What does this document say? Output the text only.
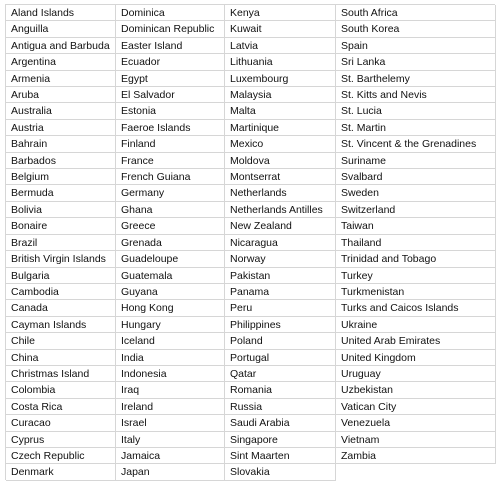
Aland Islands
Anguilla
Antigua and Barbuda
Argentina
Armenia
Aruba
Australia
Austria
Bahrain
Barbados
Belgium
Bermuda
Bolivia
Bonaire
Brazil
British Virgin Islands
Bulgaria
Cambodia
Canada
Cayman Islands
Chile
China
Christmas Island
Colombia
Costa Rica
Curacao
Cyprus
Czech Republic
Denmark
Dominica
Dominican Republic
Easter Island
Ecuador
Egypt
El Salvador
Estonia
Faeroe Islands
Finland
France
French Guiana
Germany
Ghana
Greece
Grenada
Guadeloupe
Guatemala
Guyana
Hong Kong
Hungary
Iceland
India
Indonesia
Iraq
Ireland
Israel
Italy
Jamaica
Japan
Kenya
Kuwait
Latvia
Lithuania
Luxembourg
Malaysia
Malta
Martinique
Mexico
Moldova
Montserrat
Netherlands
Netherlands Antilles
New Zealand
Nicaragua
Norway
Pakistan
Panama
Peru
Philippines
Poland
Portugal
Qatar
Romania
Russia
Saudi Arabia
Singapore
Sint Maarten
Slovakia
South Africa
South Korea
Spain
Sri Lanka
St. Barthelemy
St. Kitts and Nevis
St. Lucia
St. Martin
St. Vincent & the Grenadines
Suriname
Svalbard
Sweden
Switzerland
Taiwan
Thailand
Trinidad and Tobago
Turkey
Turkmenistan
Turks and Caicos Islands
Ukraine
United Arab Emirates
United Kingdom
Uruguay
Uzbekistan
Vatican City
Venezuela
Vietnam
Zambia
